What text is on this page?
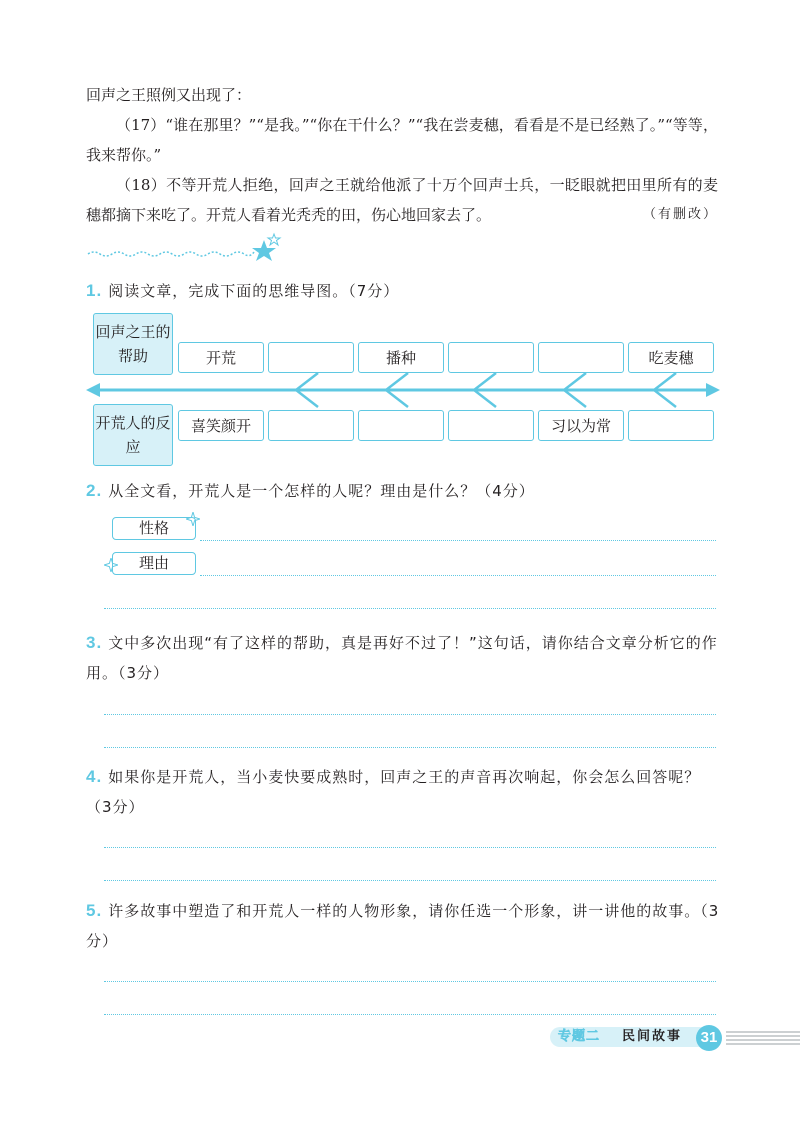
回声之王照例又出现了：

（17）“谁在那里？”“是我。”“你在干什么？”“我在尝麦穗，看看是不是已经熟了。”“等等，我来帮你。”

（18）不等开荒人拒绝，回声之王就给他派了十万个回声士兵，一眨眼就把田里所有的麦穗都摘下来吃了。开荒人看着光秃秃的田，伤心地回家去了。	（有删改）

1. 阅读文章，完成下面的思维导图。（7分）

回声之王的帮助
开荒人的反应
开荒	播种	吃麦穗
喜笑颜开	习以为常

2. 从全文看，开荒人是一个怎样的人呢？理由是什么？（4分）

性格
理由

3. 文中多次出现“有了这样的帮助，真是再好不过了！”这句话，请你结合文章分析它的作用。（3分）

4. 如果你是开荒人，当小麦快要成熟时，回声之王的声音再次响起，你会怎么回答呢？（3分）

5. 许多故事中塑造了和开荒人一样的人物形象，请你任选一个形象，讲一讲他的故事。（3分）

专题二 民间故事	31
